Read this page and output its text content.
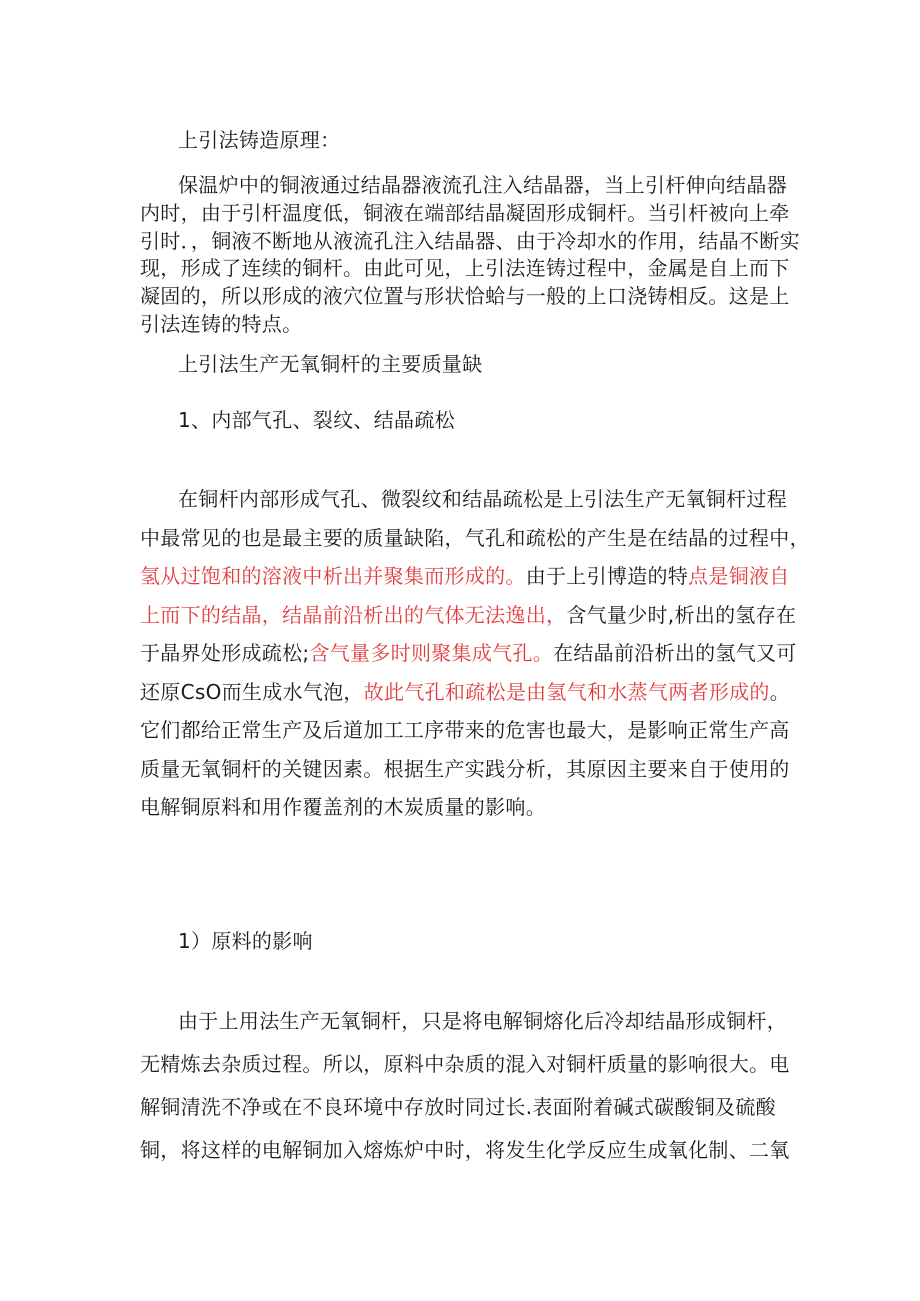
上引法铸造原理：

保温炉中的铜液通过结晶器液流孔注入结晶器，当上引杆伸向结晶器
内时，由于引杆温度低，铜液在端部结晶凝固形成铜杆。当引杆被向上牵
引时．，铜液不断地从液流孔注入结晶器、由于冷却水的作用，结晶不断实
现，形成了连续的铜杆。由此可见，上引法连铸过程中，金属是自上而下
凝固的，所以形成的液穴位置与形状恰蛤与一般的上口浇铸相反。这是上
引法连铸的特点。

上引法生产无氧铜杆的主要质量缺

1、内部气孔、裂纹、结晶疏松

在铜杆内部形成气孔、微裂纹和结晶疏松是上引法生产无氧铜杆过程
中最常见的也是最主要的质量缺陷，气孔和疏松的产生是在结晶的过程中，
氢从过饱和的溶液中析出并聚集而形成的。由于上引博造的特点是铜液自
上而下的结晶，结晶前沿析出的气体无法逸出，含气量少时,析出的氢存在
于晶界处形成疏松;含气量多时则聚集成气孔。在结晶前沿析出的氢气又可
还原CsO而生成水气泡，故此气孔和疏松是由氢气和水蒸气两者形成的。
它们都给正常生产及后道加工工序带来的危害也最大，是影响正常生产高
质量无氧铜杆的关键因素。根据生产实践分析，其原因主要来自于使用的
电解铜原料和用作覆盖剂的木炭质量的影响。

1）原料的影响

由于上用法生产无氧铜杆，只是将电解铜熔化后冷却结晶形成铜杆，
无精炼去杂质过程。所以，原料中杂质的混入对铜杆质量的影响很大。电
解铜清洗不净或在不良环境中存放时同过长.表面附着碱式碳酸铜及硫酸
铜，将这样的电解铜加入熔炼炉中时，将发生化学反应生成氧化制、二氧
